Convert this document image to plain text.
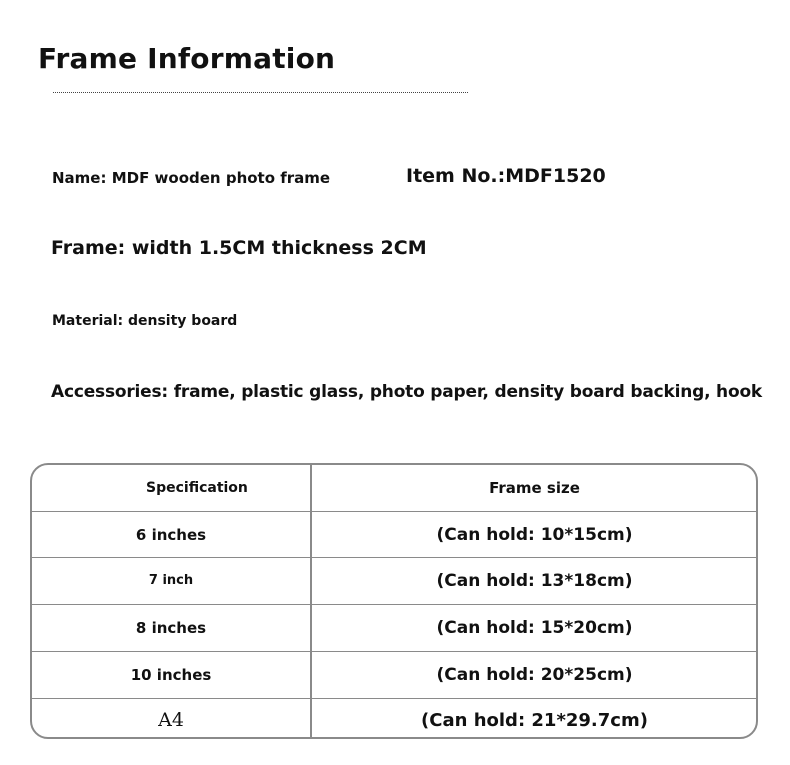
Frame Information
Name: MDF wooden photo frame	Item No.:MDF1520
Frame: width 1.5CM thickness 2CM
Material: density board
Accessories: frame, plastic glass, photo paper, density board backing, hook
Specification	Frame size
6 inches	(Can hold: 10*15cm)
7 inch	(Can hold: 13*18cm)
8 inches	(Can hold: 15*20cm)
10 inches	(Can hold: 20*25cm)
A4	(Can hold: 21*29.7cm)
